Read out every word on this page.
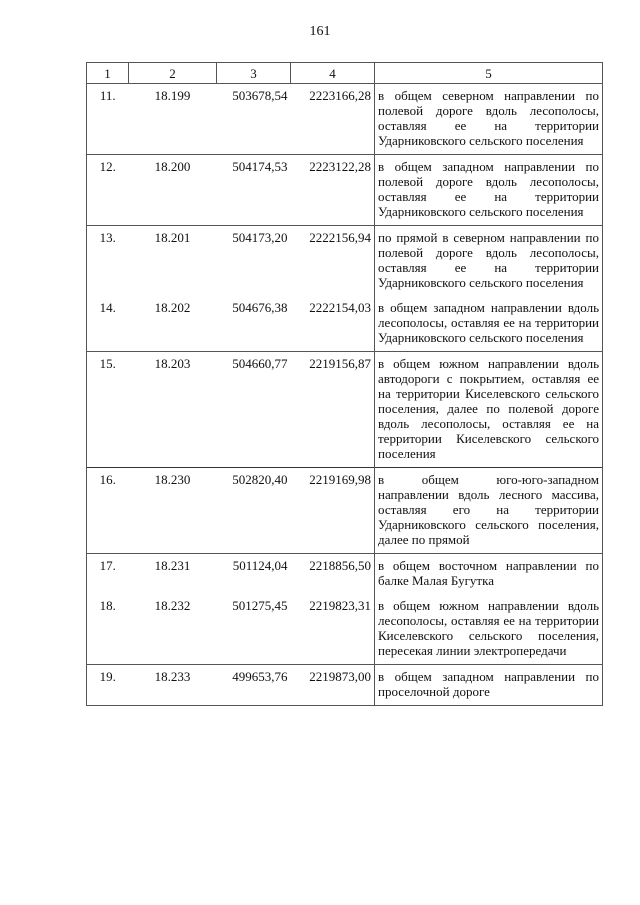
161
1	2	3	4	5
11.	18.199	503678,54	2223166,28	в общем северном направлении по полевой дороге вдоль лесополосы, оставляя ее на территории Ударниковского сельского поселения
12.	18.200	504174,53	2223122,28	в общем западном направлении по полевой дороге вдоль лесополосы, оставляя ее на территории Ударниковского сельского поселения
13.	18.201	504173,20	2222156,94	по прямой в северном направлении по полевой дороге вдоль лесополосы, оставляя ее на территории Ударниковского сельского поселения
14.	18.202	504676,38	2222154,03	в общем западном направлении вдоль лесополосы, оставляя ее на территории Ударниковского сельского поселения
15.	18.203	504660,77	2219156,87	в общем южном направлении вдоль автодороги с покрытием, оставляя ее на территории Киселевского сельского поселения, далее по полевой дороге вдоль лесополосы, оставляя ее на территории Киселевского сельского поселения
16.	18.230	502820,40	2219169,98	в общем юго-юго-западном направлении вдоль лесного массива, оставляя его на территории Ударниковского сельского поселения, далее по прямой
17.	18.231	501124,04	2218856,50	в общем восточном направлении по балке Малая Бугутка
18.	18.232	501275,45	2219823,31	в общем южном направлении вдоль лесополосы, оставляя ее на территории Киселевского сельского поселения, пересекая линии электропередачи
19.	18.233	499653,76	2219873,00	в общем западном направлении по проселочной дороге
